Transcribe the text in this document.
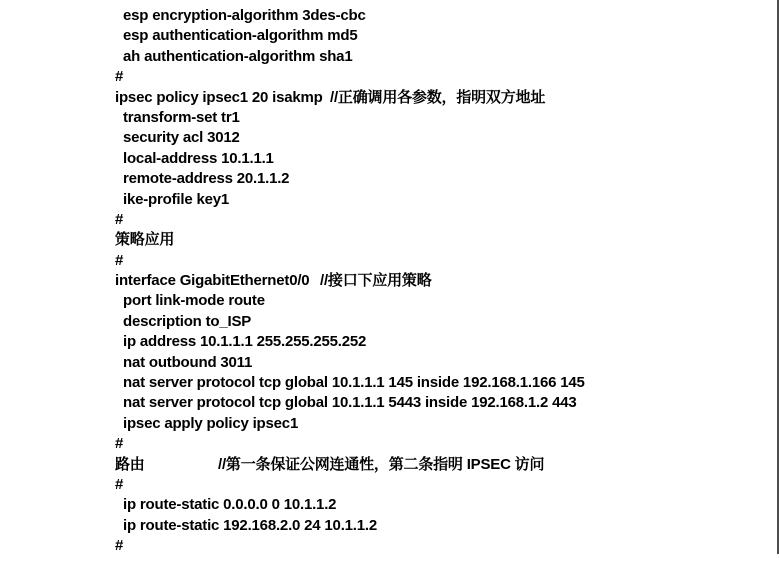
esp encryption-algorithm 3des-cbc
esp authentication-algorithm md5
ah authentication-algorithm sha1
#
ipsec policy ipsec1 20 isakmp //正确调用各参数，指明双方地址
transform-set tr1
security acl 3012
local-address 10.1.1.1
remote-address 20.1.1.2
ike-profile key1
#
策略应用
#
interface GigabitEthernet0/0 //接口下应用策略
port link-mode route
description to_ISP
ip address 10.1.1.1 255.255.255.252
nat outbound 3011
nat server protocol tcp global 10.1.1.1 145 inside 192.168.1.166 145
nat server protocol tcp global 10.1.1.1 5443 inside 192.168.1.2 443
ipsec apply policy ipsec1
#
路由	//第一条保证公网连通性，第二条指明 IPSEC 访问
#
ip route-static 0.0.0.0 0 10.1.1.2
ip route-static 192.168.2.0 24 10.1.1.2
#
